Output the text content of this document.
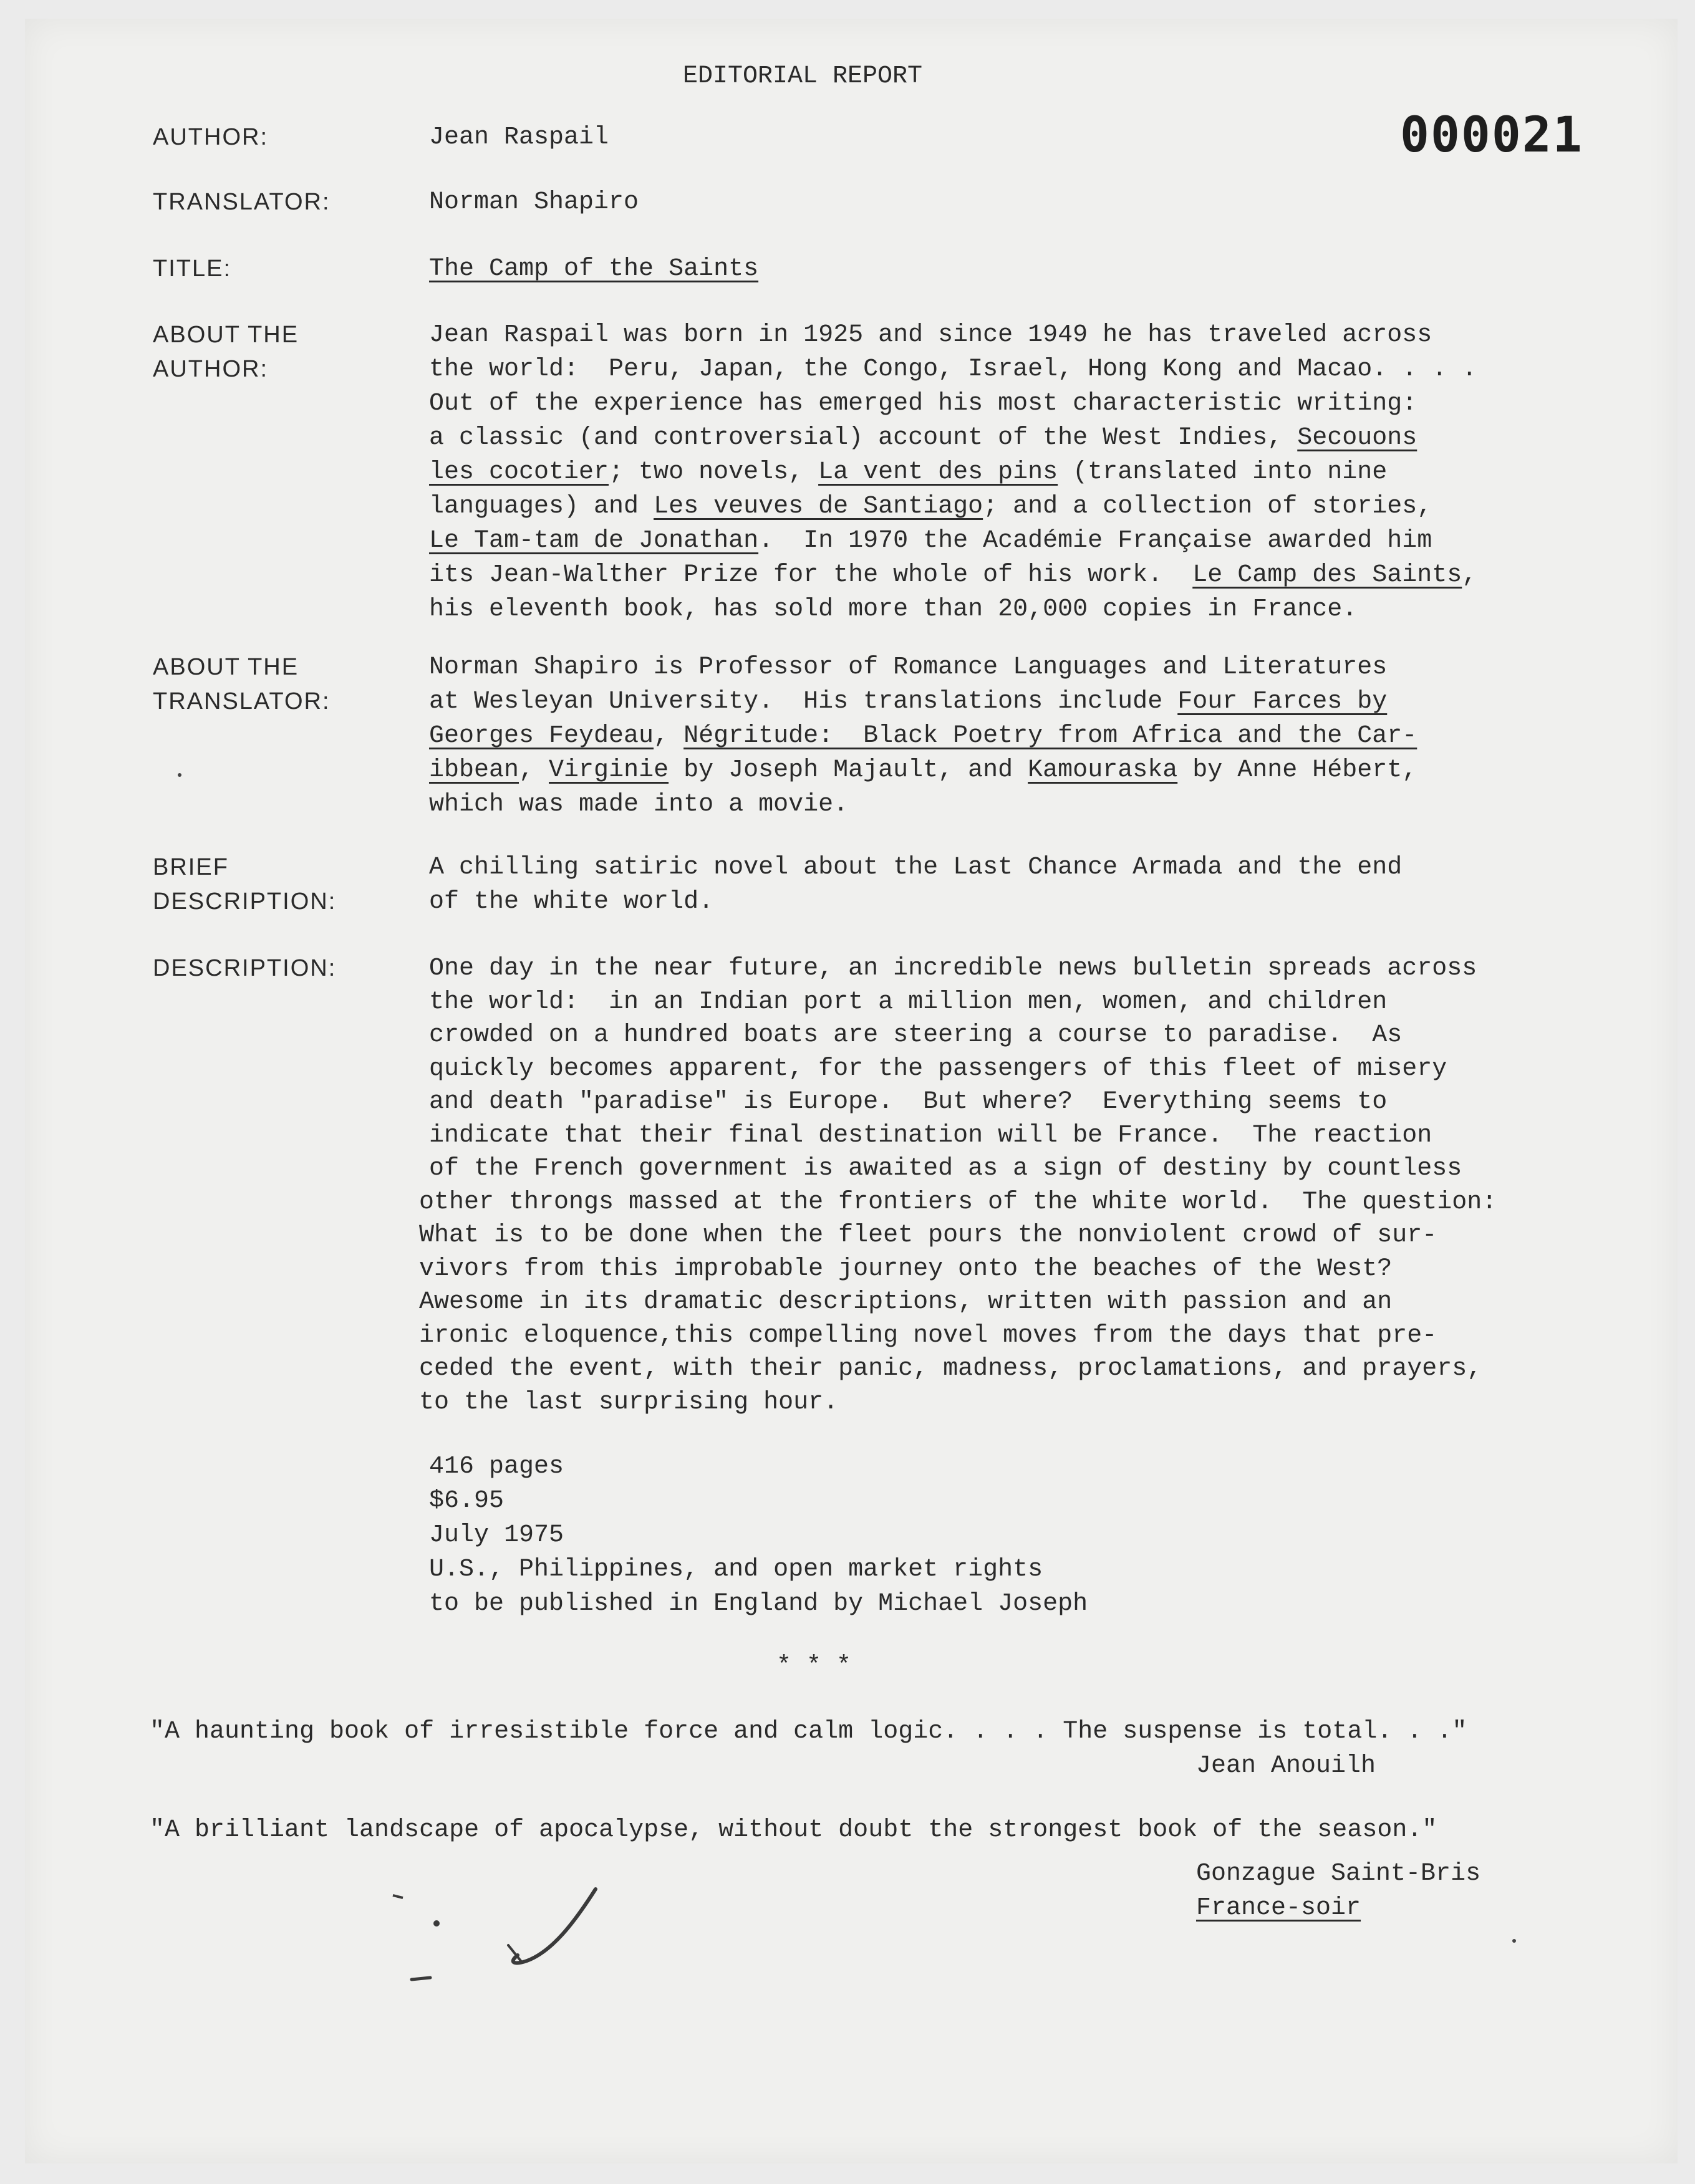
EDITORIAL REPORT

000021

AUTHOR:

TRANSLATOR:

TITLE:

ABOUT THE

AUTHOR:

ABOUT THE

TRANSLATOR:

BRIEF

DESCRIPTION:

DESCRIPTION:

Jean Raspail

Norman Shapiro

The Camp of the Saints

Jean Raspail was born in 1925 and since 1949 he has traveled across

the world:  Peru, Japan, the Congo, Israel, Hong Kong and Macao. . . .

Out of the experience has emerged his most characteristic writing:

a classic (and controversial) account of the West Indies, Secouons

les cocotier; two novels, La vent des pins (translated into nine

languages) and Les veuves de Santiago; and a collection of stories,

Le Tam-tam de Jonathan.  In 1970 the Académie Française awarded him

its Jean-Walther Prize for the whole of his work.  Le Camp des Saints,

his eleventh book, has sold more than 20,000 copies in France.

Norman Shapiro is Professor of Romance Languages and Literatures

at Wesleyan University.  His translations include Four Farces by

Georges Feydeau, Négritude:  Black Poetry from Africa and the Car-

ibbean, Virginie by Joseph Majault, and Kamouraska by Anne Hébert,

which was made into a movie.

A chilling satiric novel about the Last Chance Armada and the end

of the white world.

One day in the near future, an incredible news bulletin spreads across

the world:  in an Indian port a million men, women, and children

crowded on a hundred boats are steering a course to paradise.  As

quickly becomes apparent, for the passengers of this fleet of misery

and death "paradise" is Europe.  But where?  Everything seems to

indicate that their final destination will be France.  The reaction

of the French government is awaited as a sign of destiny by countless

other throngs massed at the frontiers of the white world.  The question:

What is to be done when the fleet pours the nonviolent crowd of sur-

vivors from this improbable journey onto the beaches of the West?

Awesome in its dramatic descriptions, written with passion and an

ironic eloquence,this compelling novel moves from the days that pre-

ceded the event, with their panic, madness, proclamations, and prayers,

to the last surprising hour.

416 pages

$6.95

July 1975

U.S., Philippines, and open market rights

to be published in England by Michael Joseph

* * *

"A haunting book of irresistible force and calm logic. . . . The suspense is total. . ."

Jean Anouilh

"A brilliant landscape of apocalypse, without doubt the strongest book of the season."

Gonzague Saint-Bris

France-soir
